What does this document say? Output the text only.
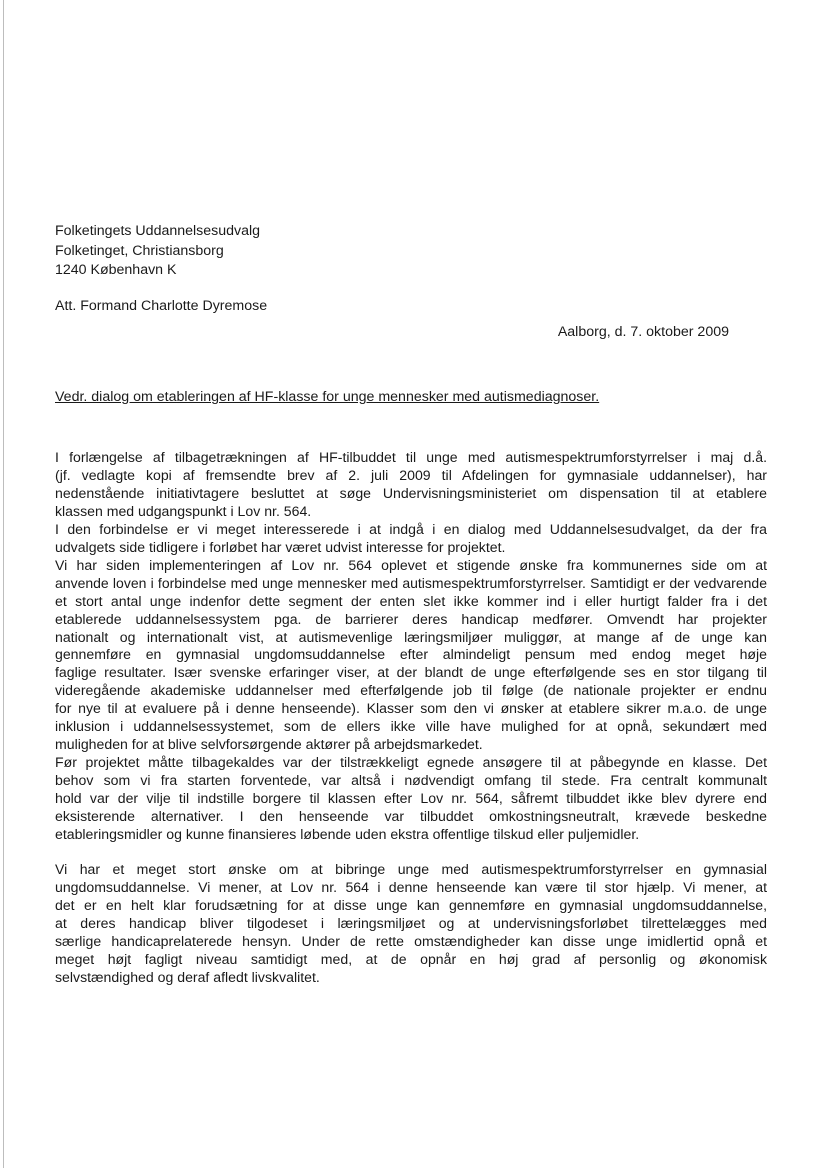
Folketingets Uddannelsesudvalg
Folketinget, Christiansborg
1240 København K
Att. Formand Charlotte Dyremose
Aalborg, d. 7. oktober 2009
Vedr. dialog om etableringen af HF-klasse for unge mennesker med autismediagnoser.

I forlængelse af tilbagetrækningen af HF-tilbuddet til unge med autismespektrumforstyrrelser i maj d.å.
(jf. vedlagte kopi af fremsendte brev af 2. juli 2009 til Afdelingen for gymnasiale uddannelser), har
nedenstående initiativtagere besluttet at søge Undervisningsministeriet om dispensation til at etablere
klassen med udgangspunkt i Lov nr. 564.

I den forbindelse er vi meget interesserede i at indgå i en dialog med Uddannelsesudvalget, da der fra
udvalgets side tidligere i forløbet har været udvist interesse for projektet.

Vi har siden implementeringen af Lov nr. 564 oplevet et stigende ønske fra kommunernes side om at
anvende loven i forbindelse med unge mennesker med autismespektrumforstyrrelser. Samtidigt er der vedvarende
et stort antal unge indenfor dette segment der enten slet ikke kommer ind i eller hurtigt falder fra i det
etablerede uddannelsessystem pga. de barrierer deres handicap medfører. Omvendt har projekter
nationalt og internationalt vist, at autismevenlige læringsmiljøer muliggør, at mange af de unge kan
gennemføre en gymnasial ungdomsuddannelse efter almindeligt pensum med endog meget høje
faglige resultater. Især svenske erfaringer viser, at der blandt de unge efterfølgende ses en stor tilgang til
videregående akademiske uddannelser med efterfølgende job til følge (de nationale projekter er endnu
for nye til at evaluere på i denne henseende). Klasser som den vi ønsker at etablere sikrer m.a.o. de unge
inklusion i uddannelsessystemet, som de ellers ikke ville have mulighed for at opnå, sekundært med
muligheden for at blive selvforsørgende aktører på arbejdsmarkedet.

Før projektet måtte tilbagekaldes var der tilstrækkeligt egnede ansøgere til at påbegynde en klasse. Det
behov som vi fra starten forventede, var altså i nødvendigt omfang til stede. Fra centralt kommunalt
hold var der vilje til indstille borgere til klassen efter Lov nr. 564, såfremt tilbuddet ikke blev dyrere end
eksisterende alternativer. I den henseende var tilbuddet omkostningsneutralt, krævede beskedne
etableringsmidler og kunne finansieres løbende uden ekstra offentlige tilskud eller puljemidler.

Vi har et meget stort ønske om at bibringe unge med autismespektrumforstyrrelser en gymnasial
ungdomsuddannelse. Vi mener, at Lov nr. 564 i denne henseende kan være til stor hjælp. Vi mener, at
det er en helt klar forudsætning for at disse unge kan gennemføre en gymnasial ungdomsuddannelse,
at deres handicap bliver tilgodeset i læringsmiljøet og at undervisningsforløbet tilrettelægges med
særlige handicaprelaterede hensyn. Under de rette omstændigheder kan disse unge imidlertid opnå et
meget højt fagligt niveau samtidigt med, at de opnår en høj grad af personlig og økonomisk
selvstændighed og deraf afledt livskvalitet.
